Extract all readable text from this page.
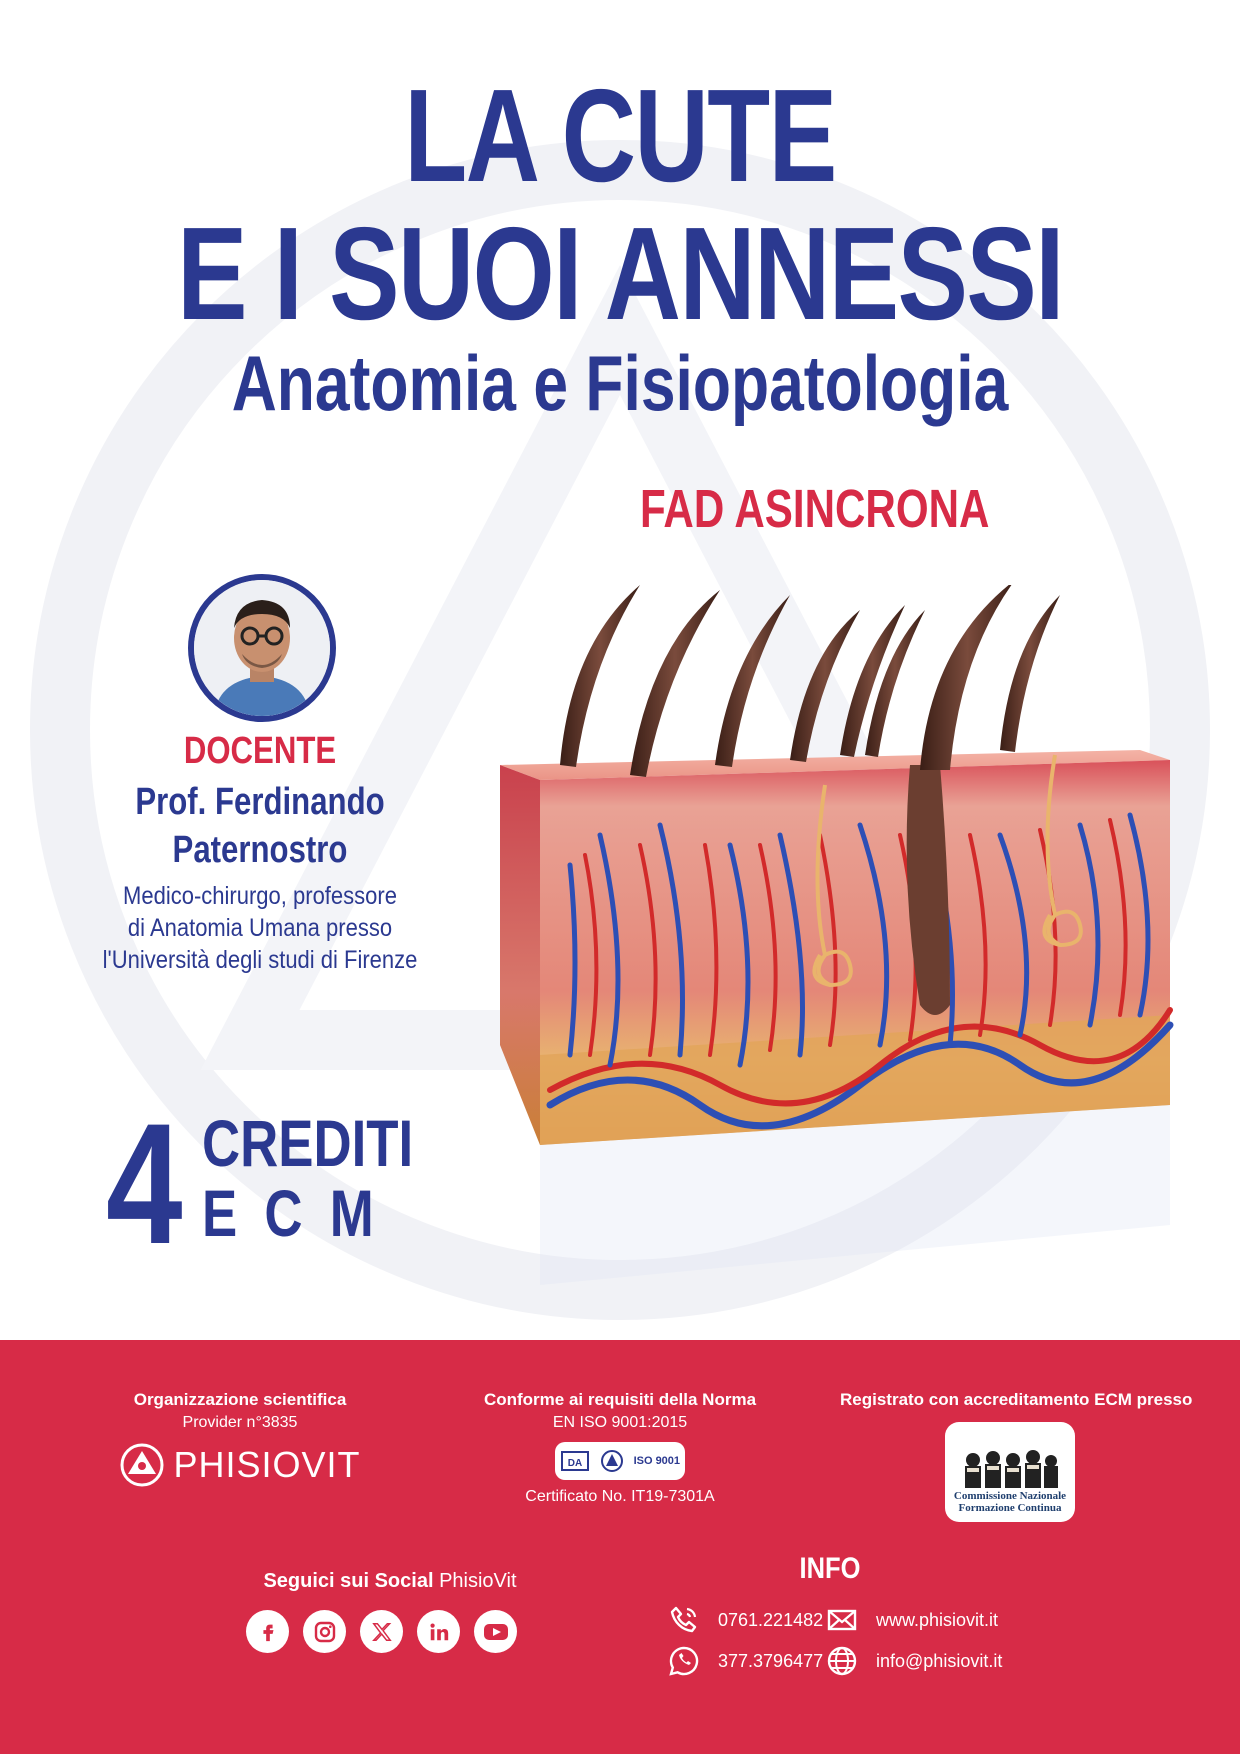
LA CUTE
E I SUOI ANNESSI
Anatomia e Fisiopatologia
FAD ASINCRONA
DOCENTE
Prof. Ferdinando
Paternostro
Medico-chirurgo, professore
di Anatomia Umana presso
l'Università degli studi di Firenze
4 CREDITI
ECM
Organizzazione scientifica
Provider n°3835
PHISIOVIT
Conforme ai requisiti della Norma
EN ISO 9001:2015
DA	ISO 9001
Certificato No. IT19-7301A
Registrato con accreditamento ECM presso
Commissione Nazionale
Formazione Continua
Seguici sui Social PhisioVit	INFO
0761.221482
377.3796477
www.phisiovit.it
info@phisiovit.it
